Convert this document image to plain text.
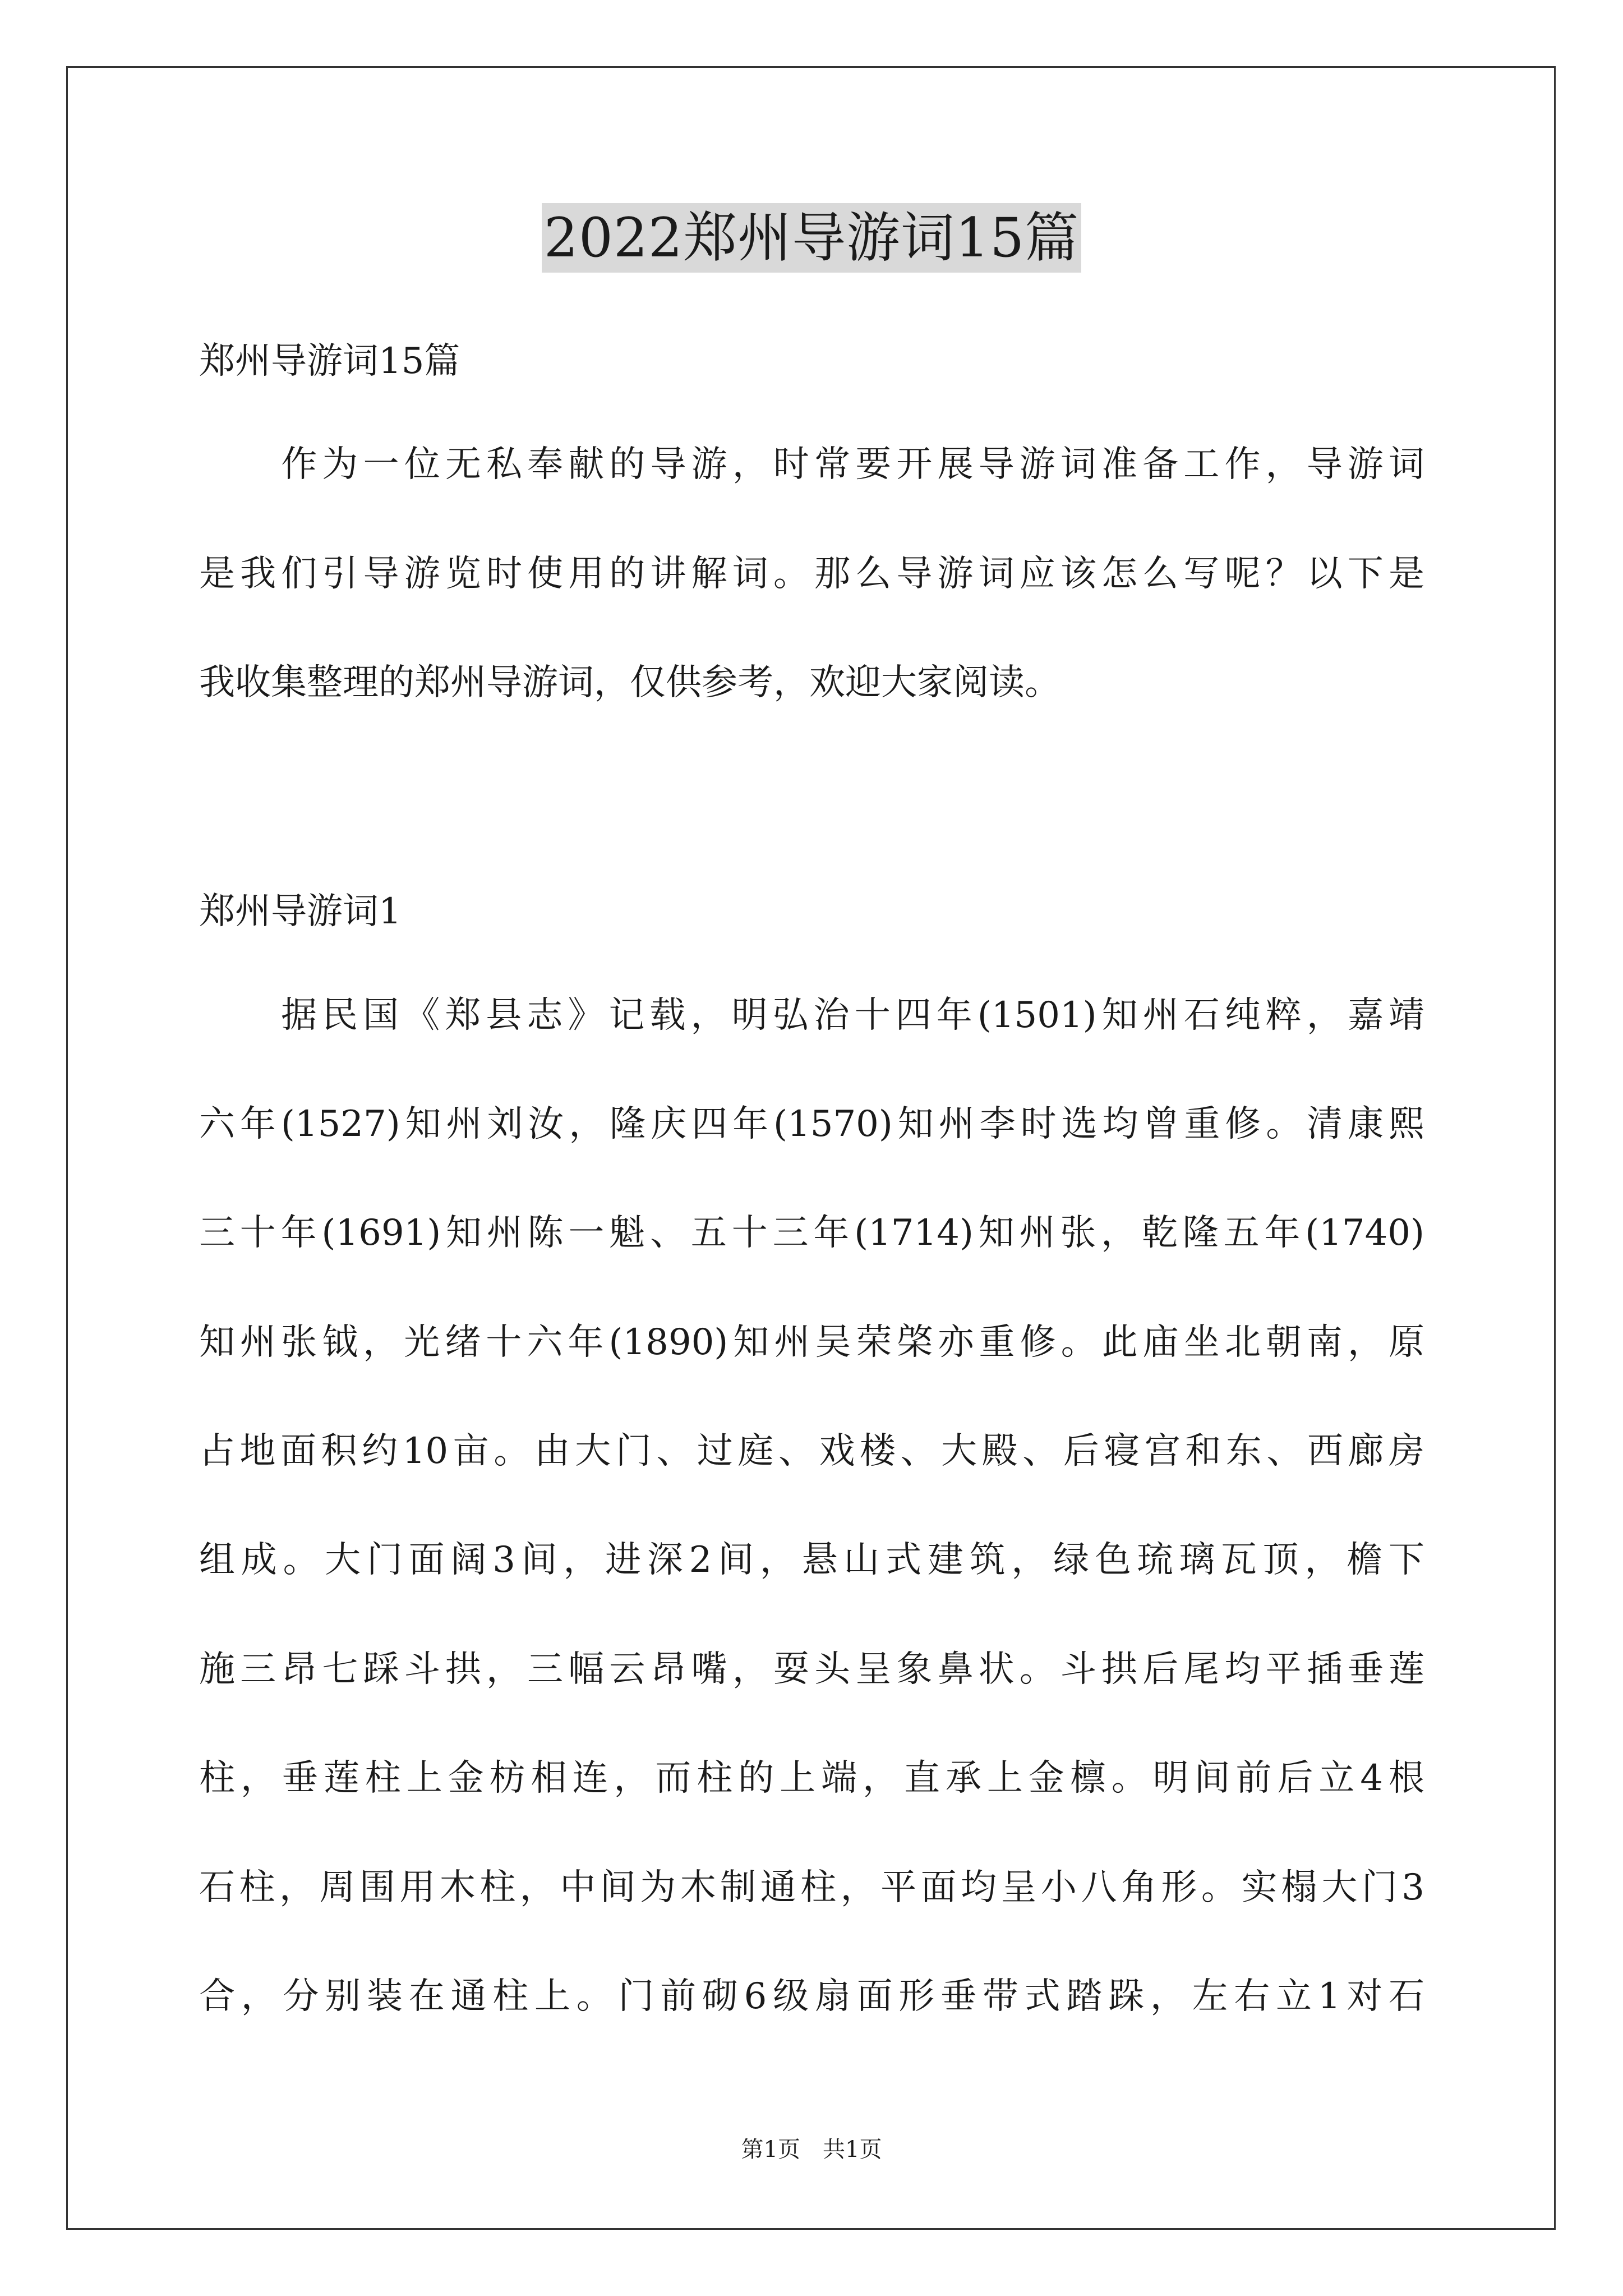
2022郑州导游词15篇
郑州导游词15篇
　　作为一位无私奉献的导游，时常要开展导游词准备工作，导游词
是我们引导游览时使用的讲解词。那么导游词应该怎么写呢？以下是
我收集整理的郑州导游词，仅供参考，欢迎大家阅读。
郑州导游词1
　　据民国《郑县志》记载，明弘治十四年(1501)知州石纯粹，嘉靖
六年(1527)知州刘汝，隆庆四年(1570)知州李时选均曾重修。清康熙
三十年(1691)知州陈一魁、五十三年(1714)知州张，乾隆五年(1740)
知州张钺，光绪十六年(1890)知州吴荣棨亦重修。此庙坐北朝南，原
占地面积约10亩。由大门、过庭、戏楼、大殿、后寝宫和东、西廊房
组成。大门面阔3间，进深2间，悬山式建筑，绿色琉璃瓦顶，檐下
施三昂七踩斗拱，三幅云昂嘴，耍头呈象鼻状。斗拱后尾均平插垂莲
柱，垂莲柱上金枋相连，而柱的上端，直承上金檩。明间前后立4根
石柱，周围用木柱，中间为木制通柱，平面均呈小八角形。实榻大门3
合，分别装在通柱上。门前砌6级扇面形垂带式踏跺，左右立1对石
第1页　共1页
